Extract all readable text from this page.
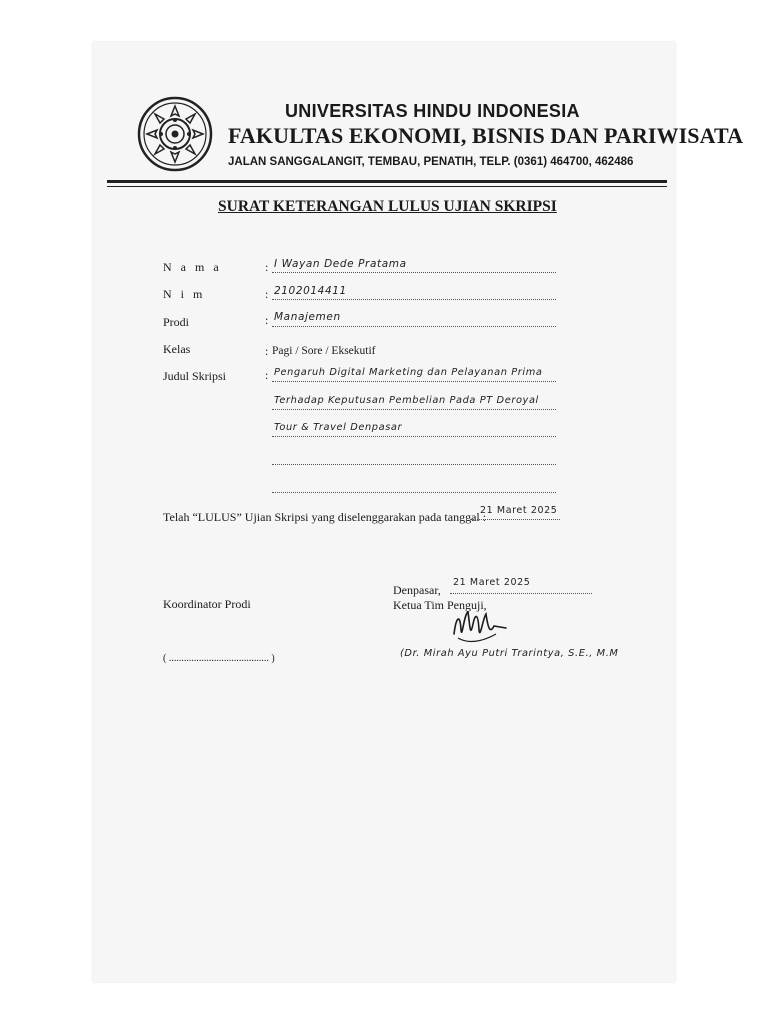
UNIVERSITAS HINDU INDONESIA
FAKULTAS EKONOMI, BISNIS DAN PARIWISATA
JALAN SANGGALANGIT, TEMBAU, PENATIH, TELP. (0361) 464700, 462486
SURAT KETERANGAN LULUS UJIAN SKRIPSI
N a m a	: I Wayan Dede Pratama
N i m	: 2102014411
Prodi	: Manajemen
Kelas	: Pagi / Sore / Eksekutif
Judul Skripsi	: Pengaruh Digital Marketing dan Pelayanan Prima
Terhadap Keputusan Pembelian Pada PT Deroyal
Tour & Travel Denpasar
Telah “LULUS” Ujian Skripsi yang diselenggarakan pada tanggal :
21 Maret 2025
Denpasar,
21 Maret 2025
Koordinator Prodi	Ketua Tim Penguji,
( ........................................ )	(Dr. Mirah Ayu Putri Trarintya, S.E., M.M
